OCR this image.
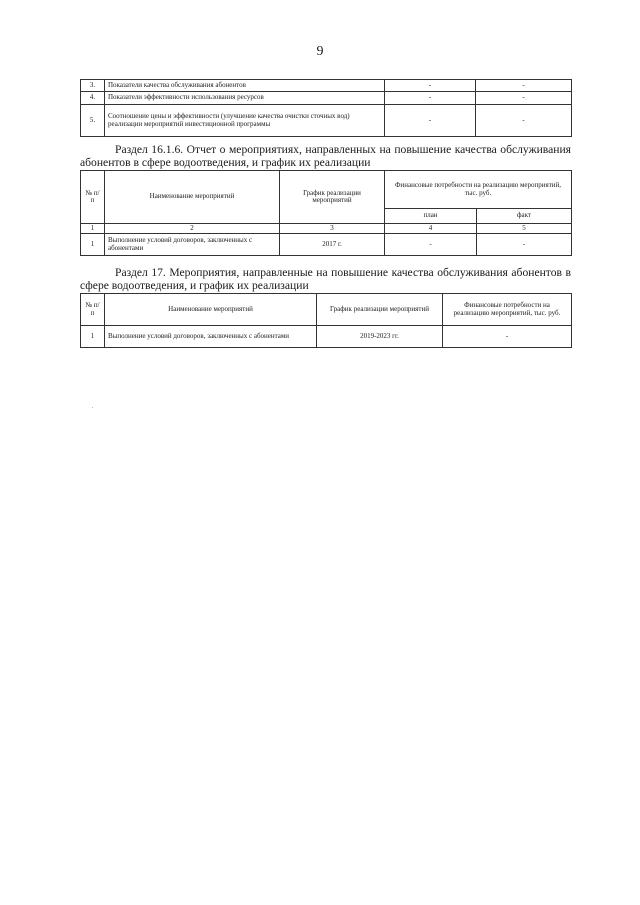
9
3.	Показатели качества обслуживания абонентов	-	-
4.	Показатели эффективности использования ресурсов	-	-
5.	Соотношение цены и эффективности (улучшение качества очистки сточных вод) реализации мероприятий инвестиционной программы	-	-
Раздел 16.1.6. Отчет о мероприятиях, направленных на повышение качества обслуживания абонентов в сфере водоотведения, и график их реализации
№ п/п	Наименование мероприятий	График реализации мероприятий	Финансовые потребности на реализацию мероприятий, тыс. руб.	
			план	факт
1	2	3	4	5
1	Выполнение условий договоров, заключенных с абонентами	2017 г.	-	-
Раздел 17. Мероприятия, направленные на повышение качества обслуживания абонентов в сфере водоотведения, и график их реализации
№ п/п	Наименование мероприятий	График реализации мероприятий	Финансовые потребности на реализацию мероприятий, тыс. руб.
1	Выполнение условий договоров, заключенных с абонентами	2019-2023 гг.	-
